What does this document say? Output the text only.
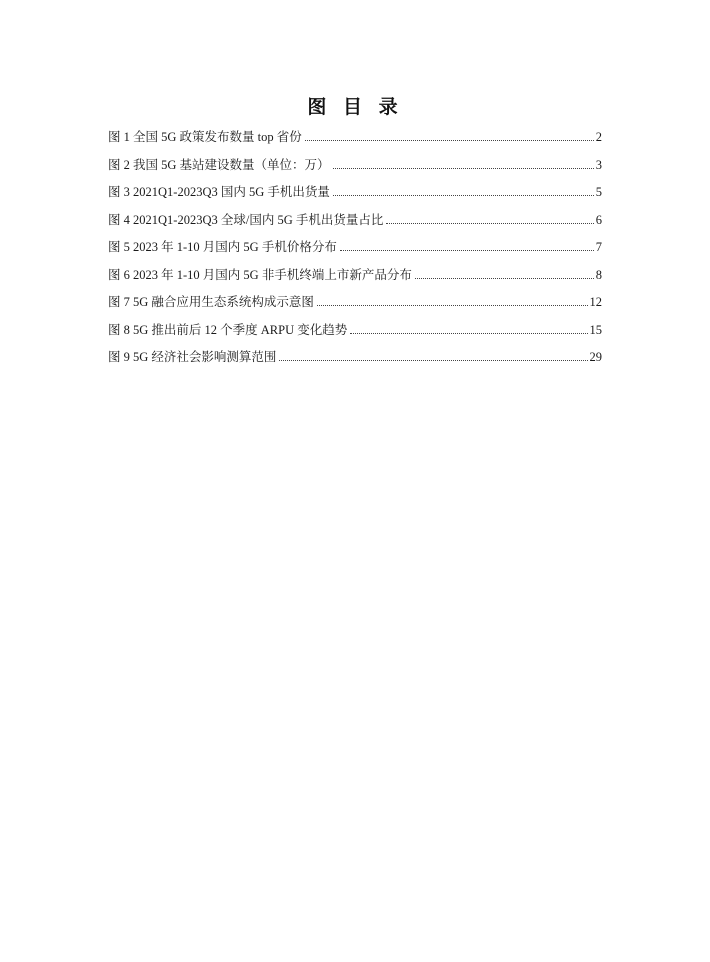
图 目 录
图 1 全国 5G 政策发布数量 top 省份	2
图 2 我国 5G 基站建设数量（单位：万）	3
图 3 2021Q1-2023Q3 国内 5G 手机出货量	5
图 4 2021Q1-2023Q3 全球/国内 5G 手机出货量占比	6
图 5 2023 年 1-10 月国内 5G 手机价格分布	7
图 6 2023 年 1-10 月国内 5G 非手机终端上市新产品分布	8
图 7 5G 融合应用生态系统构成示意图	12
图 8 5G 推出前后 12 个季度 ARPU 变化趋势	15
图 9 5G 经济社会影响测算范围	29
